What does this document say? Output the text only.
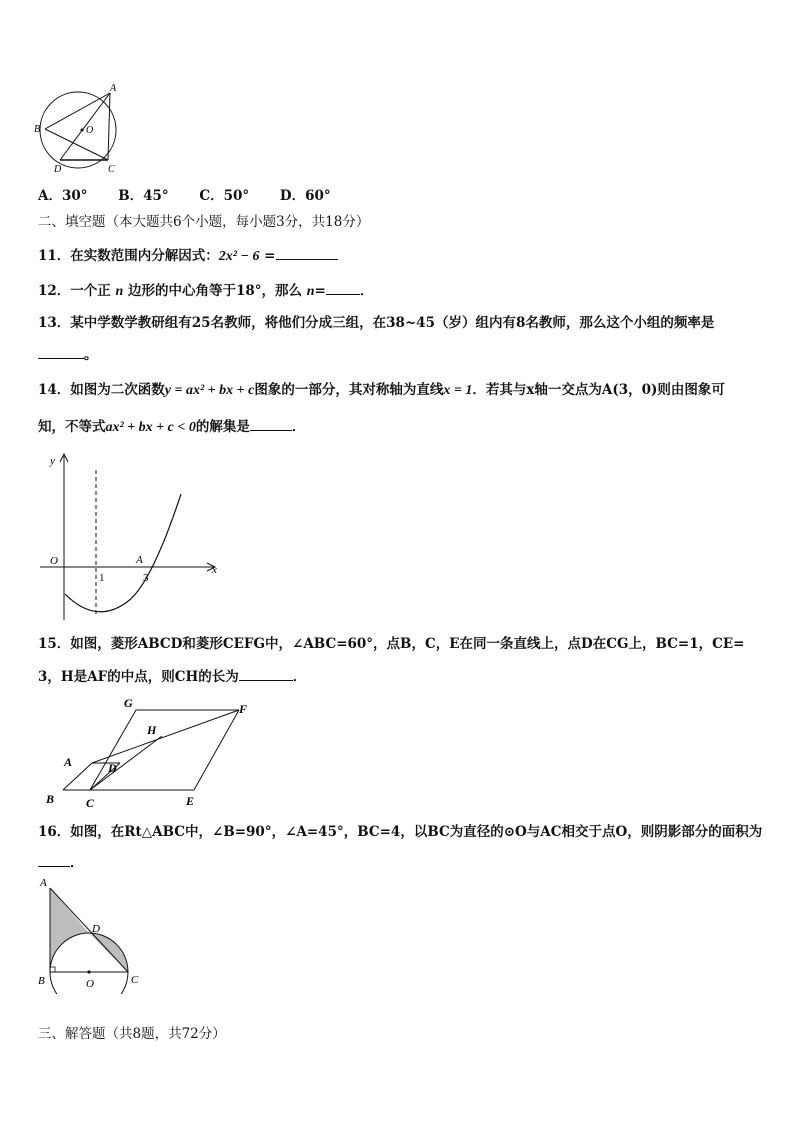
A
B	O
D	C
A．30° B．45° C．50° D．60°
二、填空题（本大题共6个小题，每小题3分，共18分）
11．在实数范围内分解因式：2x² − 6 =
12．一个正 n 边形的中心角等于18°，那么 n=	．
13．某中学数学教研组有25名教师，将他们分成三组，在38~45（岁）组内有8名教师，那么这个小组的频率是
。
14．如图为二次函数y = ax² + bx + c图象的一部分，其对称轴为直线x = 1．若其与x轴一交点为A(3，0)则由图象可
知，不等式ax² + bx + c < 0的解集是	．
y
x
O
1	3
A
15．如图，菱形ABCD和菱形CEFG中，∠ABC=60°，点B，C，E在同一条直线上，点D在CG上，BC=1，CE=
3，H是AF的中点，则CH的长为	．
G	F
H
A	D
B	C	E
16．如图，在Rt△ABC中，∠B=90°，∠A=45°，BC=4，以BC为直径的⊙O与AC相交于点O，则阴影部分的面积为
．
A
D
B	O	C
三、解答题（共8题，共72分）
